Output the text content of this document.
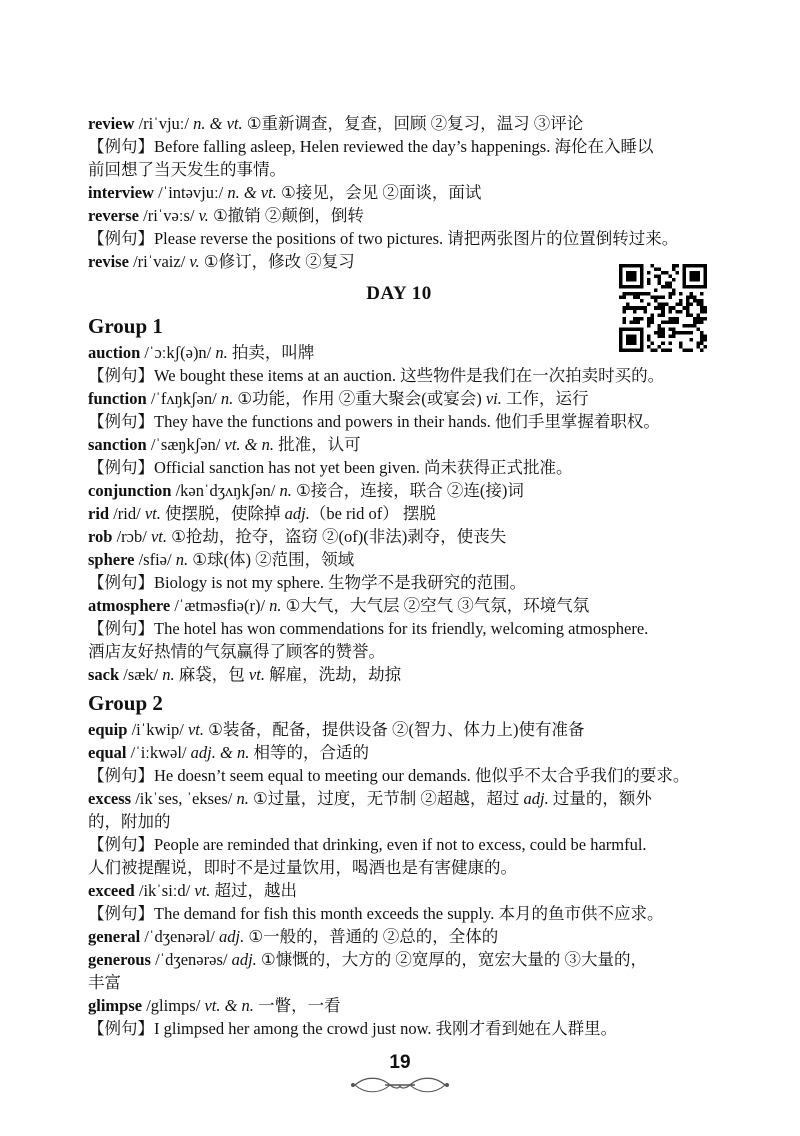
review /riˈvjuː/ n. & vt. ①重新调查，复查，回顾 ②复习，温习 ③评论
【例句】Before falling asleep, Helen reviewed the day’s happenings. 海伦在入睡以
前回想了当天发生的事情。
interview /ˈintəvjuː/ n. & vt. ①接见，会见 ②面谈，面试
reverse /riˈvəːs/ v. ①撤销 ②颠倒，倒转
【例句】Please reverse the positions of two pictures. 请把两张图片的位置倒转过来。
revise /riˈvaiz/ v. ①修订，修改 ②复习
DAY 10
Group 1
auction /ˈɔːkʃ(ə)n/ n. 拍卖，叫牌
【例句】We bought these items at an auction. 这些物件是我们在一次拍卖时买的。
function /ˈfʌŋkʃən/ n. ①功能，作用 ②重大聚会(或宴会) vi. 工作，运行
【例句】They have the functions and powers in their hands. 他们手里掌握着职权。
sanction /ˈsæŋkʃən/ vt. & n. 批准，认可
【例句】Official sanction has not yet been given. 尚未获得正式批准。
conjunction /kənˈdʒʌŋkʃən/ n. ①接合，连接，联合 ②连(接)词
rid /rid/ vt. 使摆脱，使除掉 adj.（be rid of） 摆脱
rob /rɔb/ vt. ①抢劫，抢夺，盗窃 ②(of)(非法)剥夺，使丧失
sphere /sfiə/ n. ①球(体) ②范围，领域
【例句】Biology is not my sphere. 生物学不是我研究的范围。
atmosphere /ˈætməsfiə(r)/ n. ①大气，大气层 ②空气 ③气氛，环境气氛
【例句】The hotel has won commendations for its friendly, welcoming atmosphere.
酒店友好热情的气氛赢得了顾客的赞誉。
sack /sæk/ n. 麻袋，包 vt. 解雇，洗劫，劫掠
Group 2
equip /iˈkwip/ vt. ①装备，配备，提供设备 ②(智力、体力上)使有准备
equal /ˈiːkwəl/ adj. & n. 相等的，合适的
【例句】He doesn’t seem equal to meeting our demands. 他似乎不太合乎我们的要求。
excess /ikˈses, ˈekses/ n. ①过量，过度，无节制 ②超越，超过 adj. 过量的，额外
的，附加的
【例句】People are reminded that drinking, even if not to excess, could be harmful.
人们被提醒说，即时不是过量饮用，喝酒也是有害健康的。
exceed /ikˈsiːd/ vt. 超过，越出
【例句】The demand for fish this month exceeds the supply. 本月的鱼市供不应求。
general /ˈdʒenərəl/ adj. ①一般的，普通的 ②总的，全体的
generous /ˈdʒenərəs/ adj. ①慷慨的，大方的 ②宽厚的，宽宏大量的 ③大量的，
丰富
glimpse /glimps/ vt. & n. 一瞥，一看
【例句】I glimpsed her among the crowd just now. 我刚才看到她在人群里。
19
